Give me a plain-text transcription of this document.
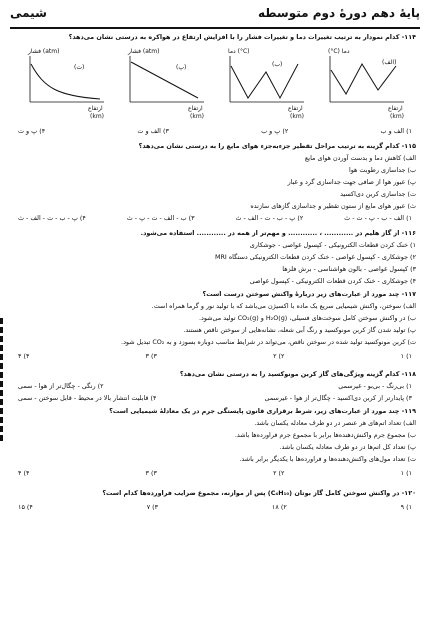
پایهٔ دهم دورهٔ دوم متوسطه
شیمی
۱۱۴- کدام نمودار به ترتیب تغییرات دما و تغییرات فشار را با افزایش ارتفاع در هواکره به درستی نشان می‌دهد؟
فشار (atm)
(ت)
ارتفاع
(km)
فشار (atm)
(پ)
ارتفاع
(km)
دما (°C)
(ب)
ارتفاع
(km)
(°C) دما
(الف)
ارتفاع
(km)
۱) الف و ب
۲) پ و ب
۳) الف و ت
۴) پ و ت
۱۱۵- کدام گزینه به ترتیب مراحل تقطیر جزءبه‌جزء هوای مایع را به درستی نشان می‌دهد؟
الف) کاهش دما و بدست آوردن هوای مایع
ب) جداسازی رطوبت هوا
پ) عبور هوا از صافی جهت جداسازی گرد و غبار
ت) جداسازی کربن دی‌اکسید
ث) عبور هوای مایع از ستون تقطیر و جداسازی گازهای سازنده
۱) الف - ب - پ - ت - ث
۲) پ - ب - ت - الف - ث
۳) ب - الف - ت - پ - ث
۴) پ - ب - ت - الف - ث
۱۱۶- از گاز هلیم در ............ ، ............ و مهم‌تر از همه در ............ استفاده می‌شود.
۱) خنک کردن قطعات الکترونیکی - کپسول غواصی - جوشکاری
۲) جوشکاری - کپسول غواصی - خنک کردن قطعات الکترونیکی دستگاه MRI
۳) کپسول غواصی - بالون هواشناسی - برش فلزها
۴) جوشکاری - خنک کردن قطعات الکترونیکی - کپسول غواصی
۱۱۷- چند مورد از عبارت‌های زیر دربارهٔ واکنش سوختن درست است؟
الف) سوختن، واکنش شیمیایی سریع یک ماده با اکسیژن می‌باشد که با تولید نور و گرما همراه است.
ب) در واکنش سوختن کامل سوخت‌های فسیلی، H₂O(g) و CO₂(g) تولید می‌شود.
پ) تولید شدن گاز کربن مونوکسید و رنگ آبی شعله، نشانه‌هایی از سوختن ناقص هستند.
ت) کربن مونوکسید تولید شده در سوختن ناقص، می‌تواند در شرایط مناسب دوباره بسوزد و به CO₂ تبدیل شود.
۱) ۱
۲) ۲
۳) ۳
۴) ۴
۱۱۸- کدام گزینه ویژگی‌های گاز کربن مونوکسید را به درستی نشان می‌دهد؟
۱) بی‌رنگ - بی‌بو - غیرسمی
۲) رنگی - چگال‌تر از هوا - سمی
۳) پایدارتر از کربن دی‌اکسید - چگال‌تر از هوا - غیرسمی
۴) قابلیت انتشار بالا در محیط - قابل سوختن - سمی
۱۱۹- چند مورد از عبارت‌های زیر، شرط برقراری قانون پایستگی جرم در یک معادلهٔ شیمیایی است؟
الف) تعداد اتم‌های هر عنصر در دو طرف معادله یکسان باشد.
ب) مجموع جرم واکنش‌دهنده‌ها برابر با مجموع جرم فراورده‌ها باشد.
پ) تعداد کل اتم‌ها در دو طرف معادله یکسان باشد.
ت) تعداد مول‌های واکنش‌دهنده‌ها و فراورده‌ها با یکدیگر برابر باشد.
۱) ۱
۲) ۲
۳) ۳
۴) ۴
۱۲۰- در واکنش سوختن کامل گاز بوتان (C₄H₁₀) پس از موازنه، مجموع ضرایب فراورده‌ها کدام است؟
۱) ۹
۲) ۱۸
۳) ۷
۴) ۱۵
